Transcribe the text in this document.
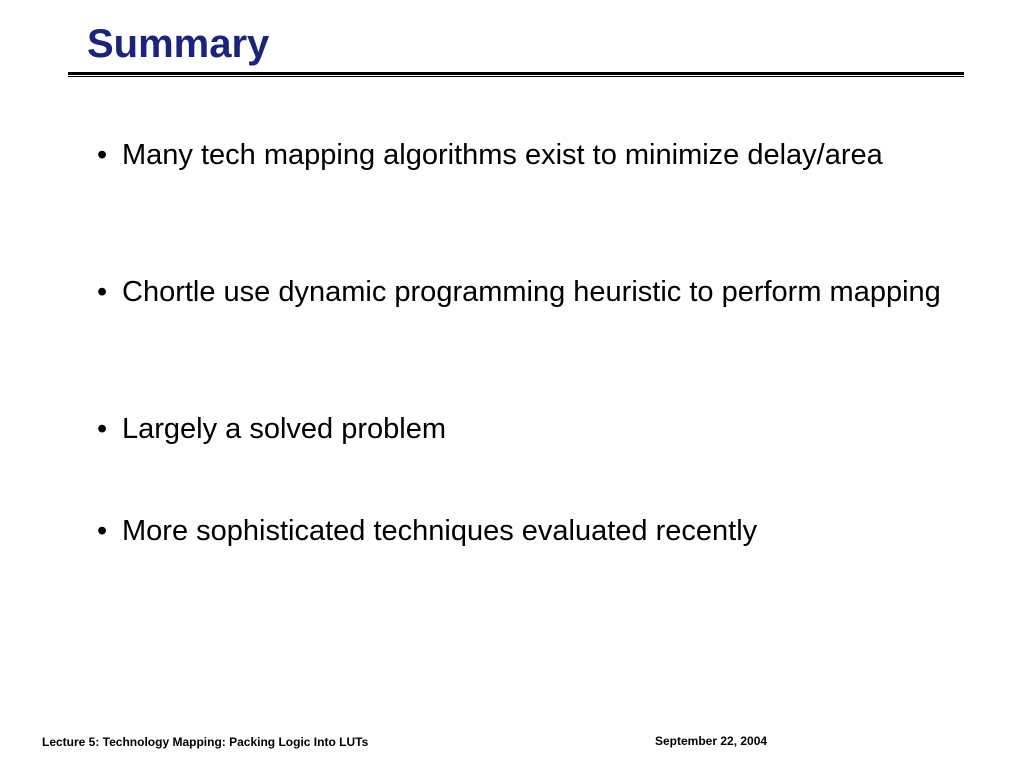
Summary
• Many tech mapping algorithms exist to minimize delay/area
• Chortle use dynamic programming heuristic to perform mapping
• Largely a solved problem
• More sophisticated techniques evaluated recently
Lecture 5: Technology Mapping: Packing Logic Into LUTs	September 22, 2004
